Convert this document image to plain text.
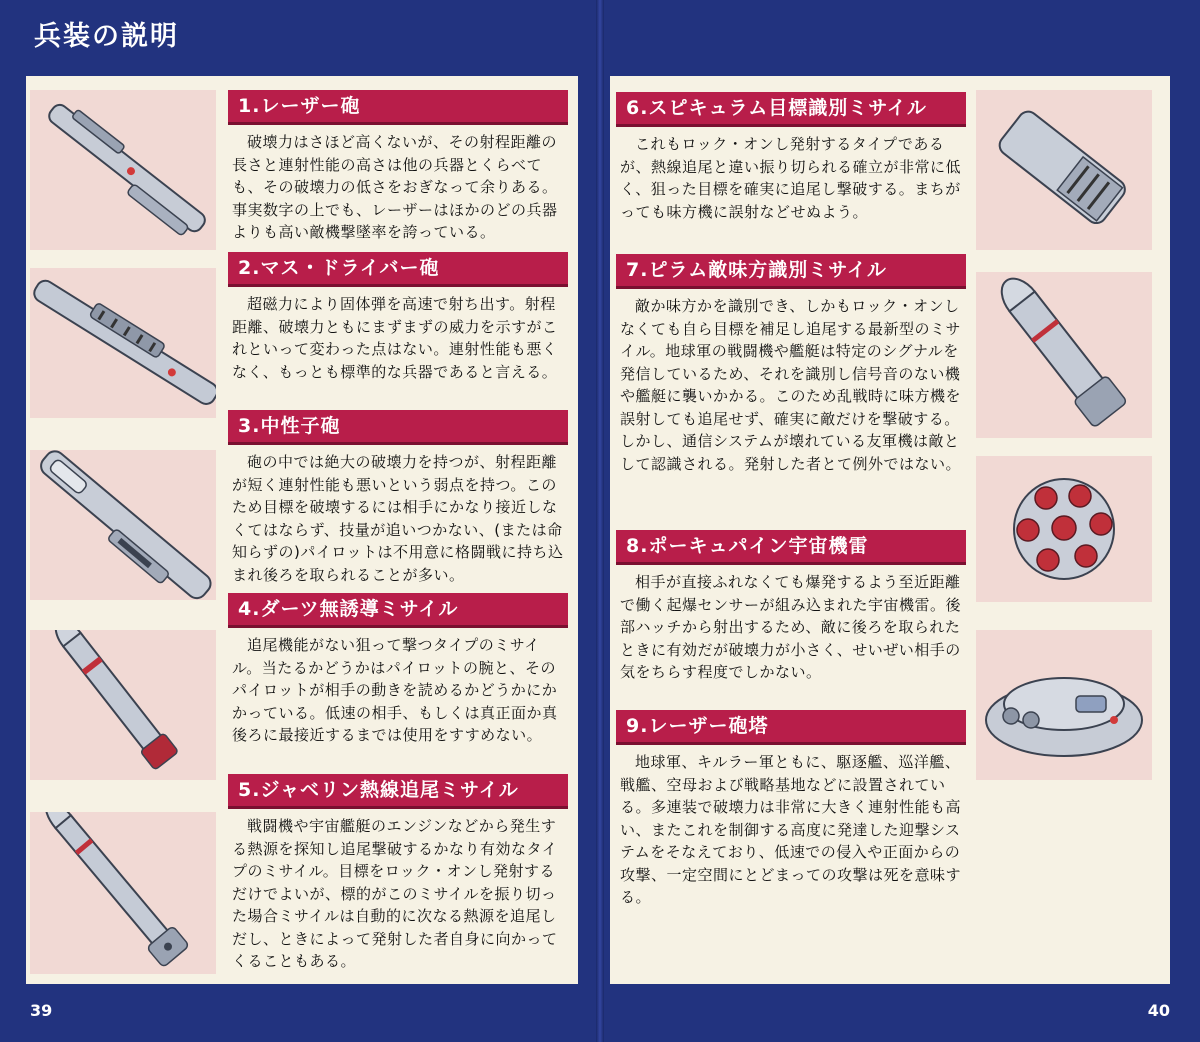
兵装の説明
1.レーザー砲
破壊力はさほど高くないが、その射程距離の長さと連射性能の高さは他の兵器とくらべても、その破壊力の低さをおぎなって余りある。事実数字の上でも、レーザーはほかのどの兵器よりも高い敵機撃墜率を誇っている。
2.マス・ドライバー砲
超磁力により固体弾を高速で射ち出す。射程距離、破壊力ともにまずまずの威力を示すがこれといって変わった点はない。連射性能も悪くなく、もっとも標準的な兵器であると言える。
3.中性子砲
砲の中では絶大の破壊力を持つが、射程距離が短く連射性能も悪いという弱点を持つ。このため目標を破壊するには相手にかなり接近しなくてはならず、技量が追いつかない、(または命知らずの)パイロットは不用意に格闘戦に持ち込まれ後ろを取られることが多い。
4.ダーツ無誘導ミサイル
追尾機能がない狙って撃つタイプのミサイル。当たるかどうかはパイロットの腕と、そのパイロットが相手の動きを読めるかどうかにかかっている。低速の相手、もしくは真正面か真後ろに最接近するまでは使用をすすめない。
5.ジャベリン熱線追尾ミサイル
戦闘機や宇宙艦艇のエンジンなどから発生する熱源を探知し追尾撃破するかなり有効なタイプのミサイル。目標をロック・オンし発射するだけでよいが、標的がこのミサイルを振り切った場合ミサイルは自動的に次なる熱源を追尾しだし、ときによって発射した者自身に向かってくることもある。
39
6.スピキュラム目標識別ミサイル
これもロック・オンし発射するタイプであるが、熱線追尾と違い振り切られる確立が非常に低く、狙った目標を確実に追尾し撃破する。まちがっても味方機に誤射などせぬよう。
7.ピラム敵味方識別ミサイル
敵か味方かを識別でき、しかもロック・オンしなくても自ら目標を補足し追尾する最新型のミサイル。地球軍の戦闘機や艦艇は特定のシグナルを発信しているため、それを識別し信号音のない機や艦艇に襲いかかる。このため乱戦時に味方機を誤射しても追尾せず、確実に敵だけを撃破する。しかし、通信システムが壊れている友軍機は敵として認識される。発射した者とて例外ではない。
8.ポーキュパイン宇宙機雷
相手が直接ふれなくても爆発するよう至近距離で働く起爆センサーが組み込まれた宇宙機雷。後部ハッチから射出するため、敵に後ろを取られたときに有効だが破壊力が小さく、せいぜい相手の気をちらす程度でしかない。
9.レーザー砲塔
地球軍、キルラー軍ともに、駆逐艦、巡洋艦、戦艦、空母および戦略基地などに設置されている。多連装で破壊力は非常に大きく連射性能も高い、またこれを制御する高度に発達した迎撃システムをそなえており、低速での侵入や正面からの攻撃、一定空間にとどまっての攻撃は死を意味する。
40
